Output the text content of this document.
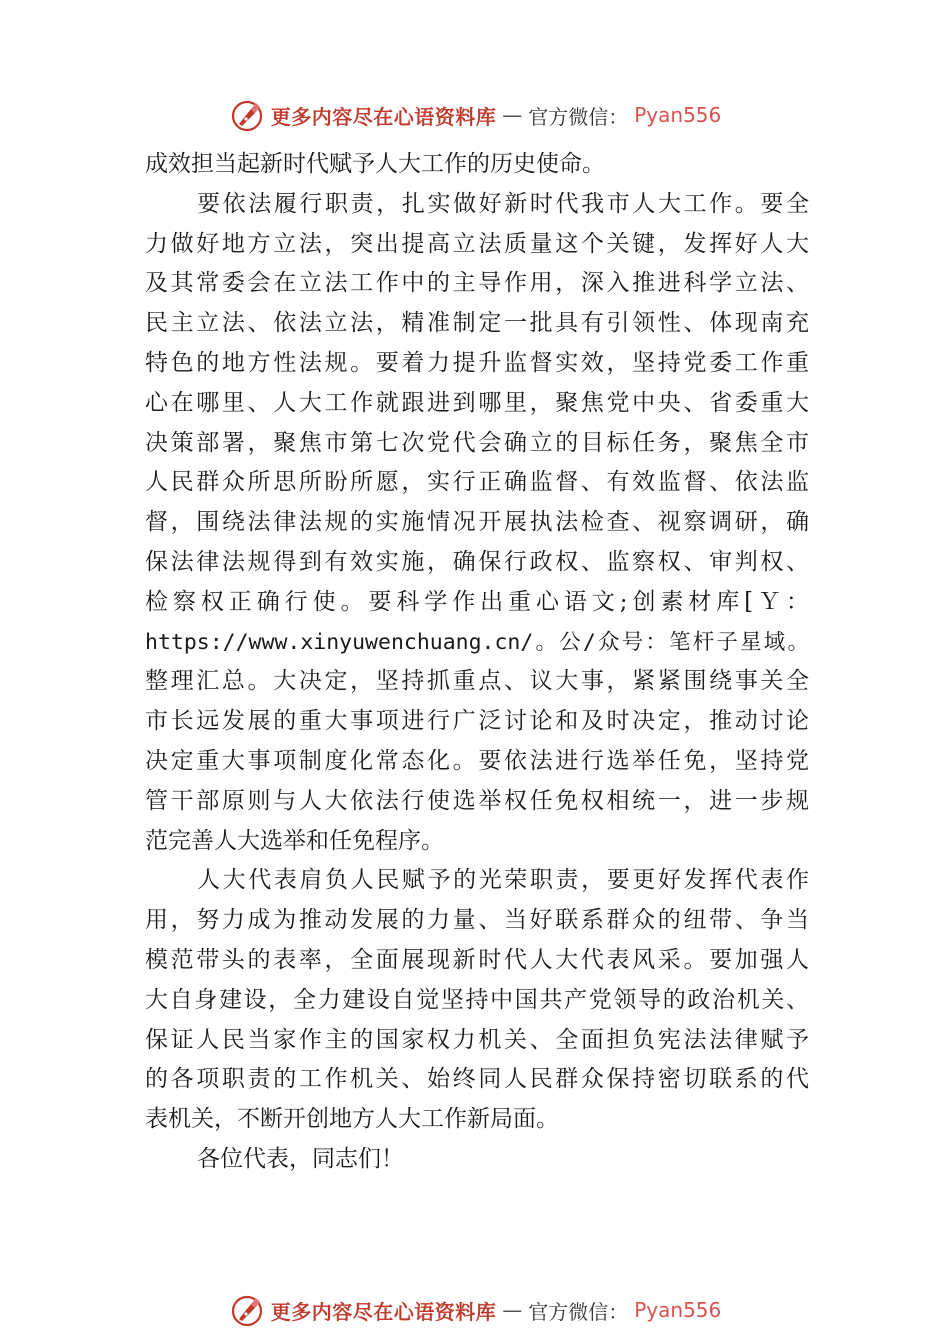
更多内容尽在心语资料库 — 官方微信： Pyan556
成效担当起新时代赋予人大工作的历史使命。
要依法履行职责，扎实做好新时代我市人大工作。要全
力做好地方立法，突出提高立法质量这个关键，发挥好人大
及其常委会在立法工作中的主导作用，深入推进科学立法、
民主立法、依法立法，精准制定一批具有引领性、体现南充
特色的地方性法规。要着力提升监督实效，坚持党委工作重
心在哪里、人大工作就跟进到哪里，聚焦党中央、省委重大
决策部署，聚焦市第七次党代会确立的目标任务，聚焦全市
人民群众所思所盼所愿，实行正确监督、有效监督、依法监
督，围绕法律法规的实施情况开展执法检查、视察调研，确
保法律法规得到有效实施，确保行政权、监察权、审判权、
检察权正确行使。要科学作出重心语文;创素材库[Ｙ：
https://www.xinyuwenchuang.cn/。公/众号：笔杆子星域。
整理汇总。大决定，坚持抓重点、议大事，紧紧围绕事关全
市长远发展的重大事项进行广泛讨论和及时决定，推动讨论
决定重大事项制度化常态化。要依法进行选举任免，坚持党
管干部原则与人大依法行使选举权任免权相统一，进一步规
范完善人大选举和任免程序。
人大代表肩负人民赋予的光荣职责，要更好发挥代表作
用，努力成为推动发展的力量、当好联系群众的纽带、争当
模范带头的表率，全面展现新时代人大代表风采。要加强人
大自身建设，全力建设自觉坚持中国共产党领导的政治机关、
保证人民当家作主的国家权力机关、全面担负宪法法律赋予
的各项职责的工作机关、始终同人民群众保持密切联系的代
表机关，不断开创地方人大工作新局面。
各位代表，同志们！
更多内容尽在心语资料库 — 官方微信： Pyan556
